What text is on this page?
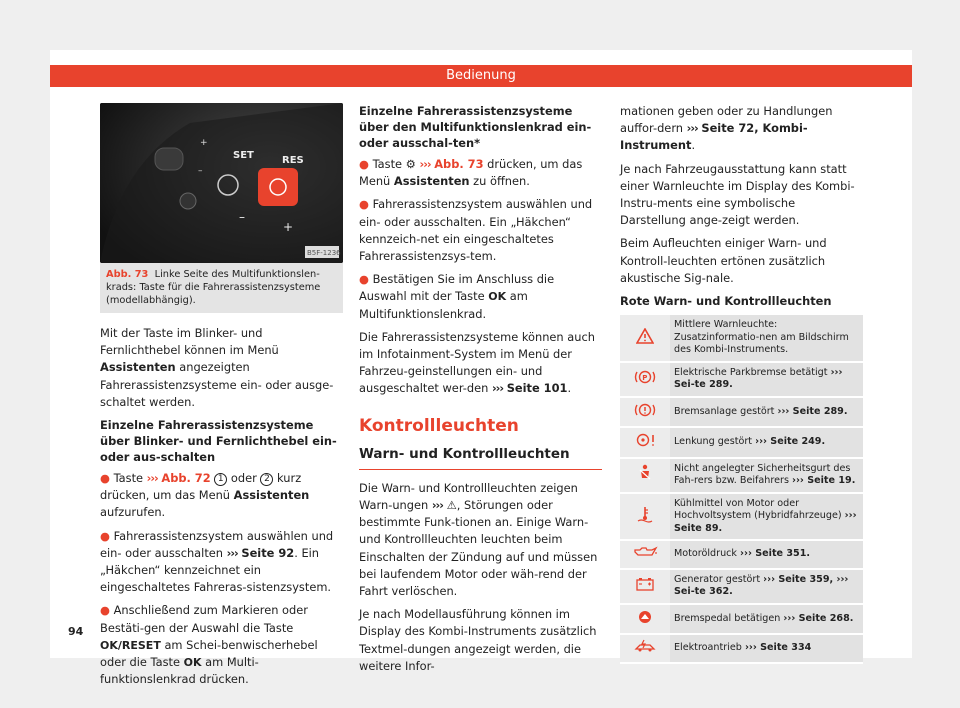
Bedienung
+
–
SET	RES
–
+
B5F-1236
Abb. 73 Linke Seite des Multifunktionslen-krads: Taste für die Fahrerassistenzsysteme (modellabhängig).

Mit der Taste im Blinker- und Fernlichthebel können im Menü Assistenten angezeigten Fahrerassistenzsysteme ein- oder ausge-schaltet werden.

Einzelne Fahrerassistenzsysteme über Blinker- und Fernlichthebel ein- oder aus-schalten

● Taste ››› Abb. 72 1 oder 2 kurz drücken, um das Menü Assistenten aufzurufen.

● Fahrerassistenzsystem auswählen und ein- oder ausschalten ››› Seite 92. Ein „Häkchen“ kennzeichnet ein eingeschaltetes Fahreras-sistenzsystem.

● Anschließend zum Markieren oder Bestäti-gen der Auswahl die Taste OK/RESET am Schei-benwischerhebel oder die Taste OK am Multi-funktionslenkrad drücken.

Einzelne Fahrerassistenzsysteme über den Multifunktionslenkrad ein- oder ausschal-ten*

● Taste ⚙ ››› Abb. 73 drücken, um das Menü Assistenten zu öffnen.

● Fahrerassistenzsystem auswählen und ein- oder ausschalten. Ein „Häkchen“ kennzeich-net ein eingeschaltetes Fahrerassistenzsys-tem.

● Bestätigen Sie im Anschluss die Auswahl mit der Taste OK am Multifunktionslenkrad.

Die Fahrerassistenzsysteme können auch im Infotainment-System im Menü der Fahrzeu-geinstellungen ein- und ausgeschaltet wer-den ››› Seite 101.

Kontrollleuchten
Warn- und Kontrollleuchten

Die Warn- und Kontrollleuchten zeigen Warn-ungen ››› ⚠, Störungen oder bestimmte Funk-tionen an. Einige Warn- und Kontrollleuchten leuchten beim Einschalten der Zündung auf und müssen bei laufendem Motor oder wäh-rend der Fahrt verlöschen.

Je nach Modellausführung können im Display des Kombi-Instruments zusätzlich Textmel-dungen angezeigt werden, die weitere Infor-

mationen geben oder zu Handlungen auffor-dern ››› Seite 72, Kombi-Instrument.

Je nach Fahrzeugausstattung kann statt einer Warnleuchte im Display des Kombi-Instru-ments eine symbolische Darstellung ange-zeigt werden.

Beim Aufleuchten einiger Warn- und Kontroll-leuchten ertönen zusätzlich akustische Sig-nale.

Rote Warn- und Kontrollleuchten
	Mittlere Warnleuchte: Zusatzinformatio-nen am Bildschirm des Kombi-Instruments.

P	Elektrische Parkbremse betätigt ››› Sei-te 289.
	Bremsanlage gestört ››› Seite 289.
	Lenkung gestört ››› Seite 249.
	Nicht angelegter Sicherheitsgurt des Fah-rers bzw. Beifahrers ››› Seite 19.
	Kühlmittel von Motor oder Hochvoltsystem (Hybridfahrzeuge) ››› Seite 89.
	Motoröldruck ››› Seite 351.
	Generator gestört ››› Seite 359, ››› Sei-te 362.
	Bremspedal betätigen ››› Seite 268.
	Elektroantrieb ››› Seite 334
94
